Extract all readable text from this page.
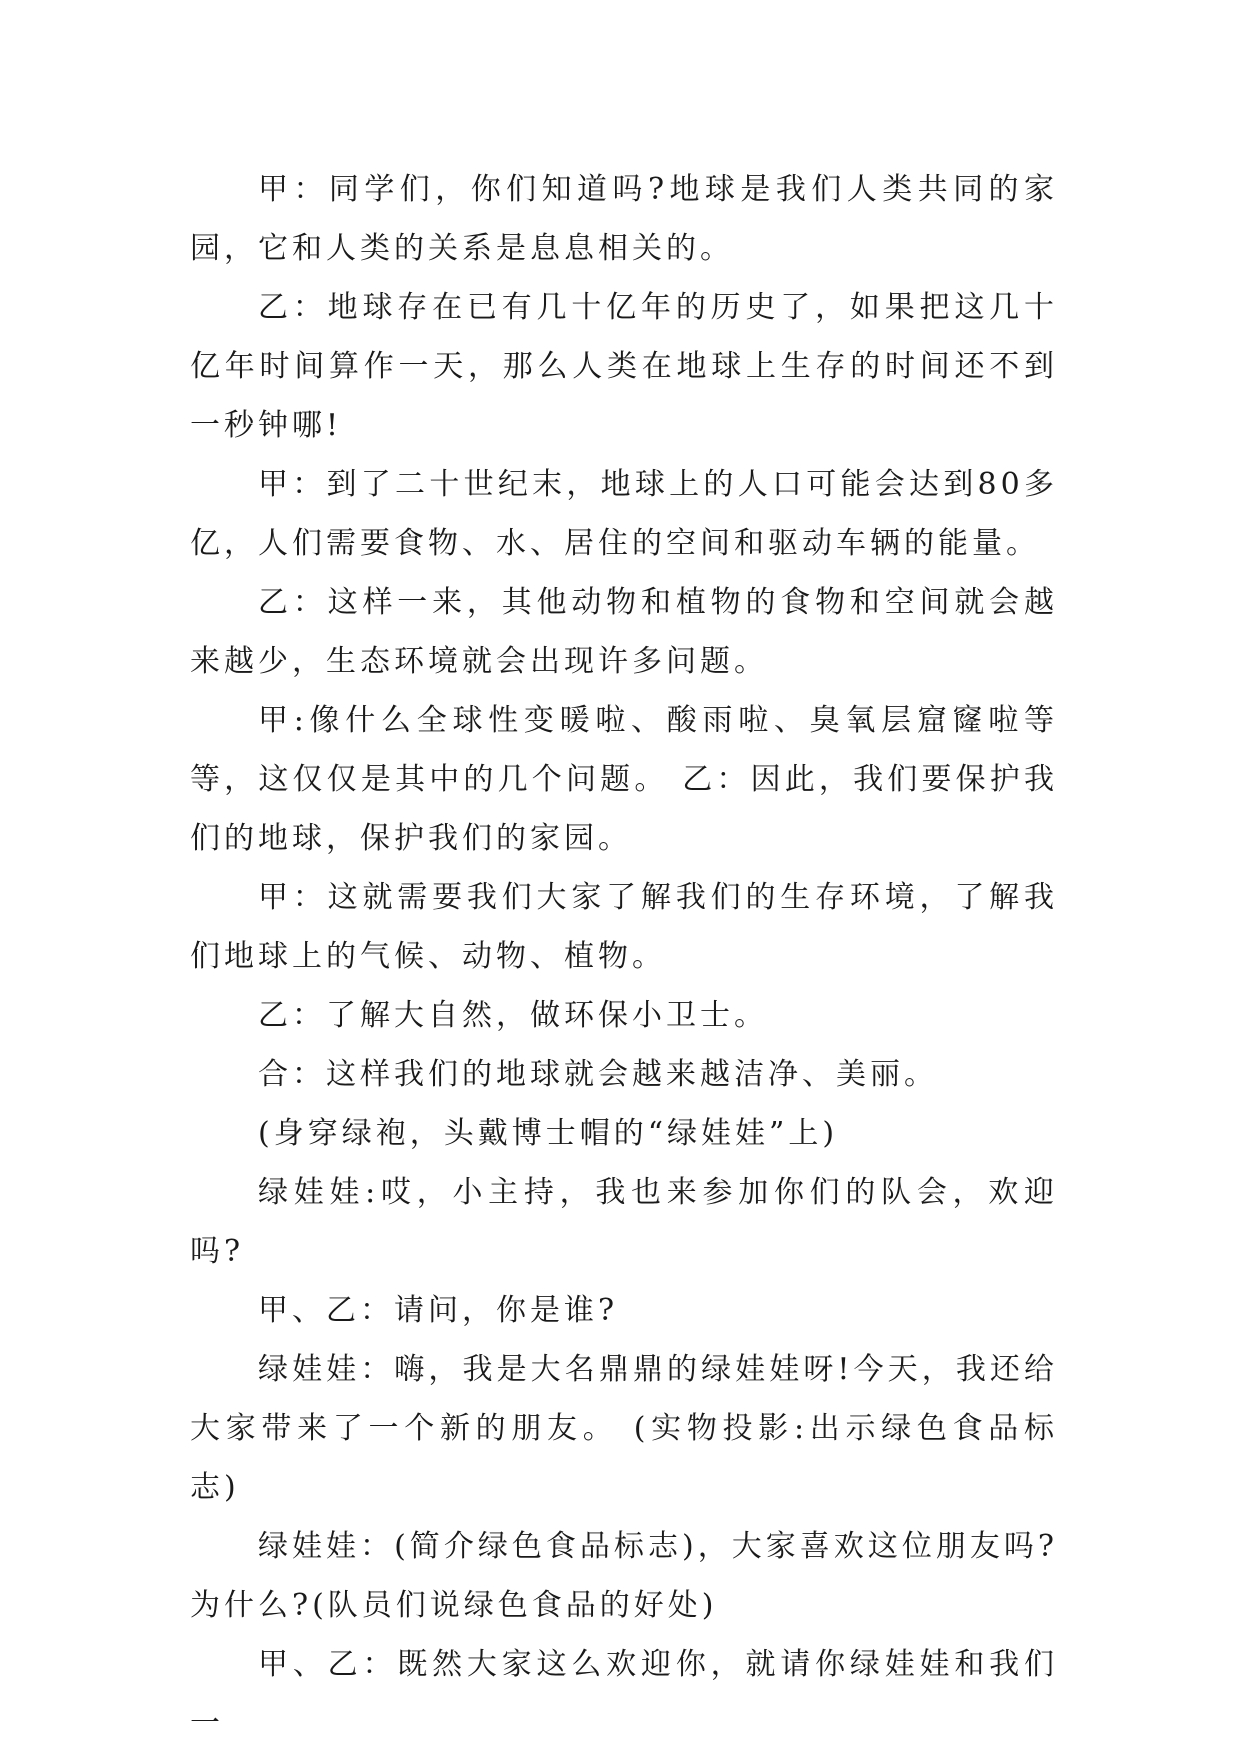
甲：同学们，你们知道吗?地球是我们人类共同的家园，它和人类的关系是息息相关的。

乙：地球存在已有几十亿年的历史了，如果把这几十亿年时间算作一天，那么人类在地球上生存的时间还不到一秒钟哪!

甲：到了二十世纪末，地球上的人口可能会达到80多亿，人们需要食物、水、居住的空间和驱动车辆的能量。

乙：这样一来，其他动物和植物的食物和空间就会越来越少，生态环境就会出现许多问题。

甲:像什么全球性变暖啦、酸雨啦、臭氧层窟窿啦等等，这仅仅是其中的几个问题。 乙：因此，我们要保护我们的地球，保护我们的家园。

甲：这就需要我们大家了解我们的生存环境，了解我们地球上的气候、动物、植物。

乙：了解大自然，做环保小卫士。

合：这样我们的地球就会越来越洁净、美丽。

(身穿绿袍，头戴博士帽的“绿娃娃”上)

绿娃娃:哎，小主持，我也来参加你们的队会，欢迎吗?

甲、乙：请问，你是谁?

绿娃娃：嗨，我是大名鼎鼎的绿娃娃呀!今天，我还给大家带来了一个新的朋友。 (实物投影:出示绿色食品标志)

绿娃娃：(简介绿色食品标志)，大家喜欢这位朋友吗?为什么?(队员们说绿色食品的好处)

甲、乙：既然大家这么欢迎你，就请你绿娃娃和我们一
